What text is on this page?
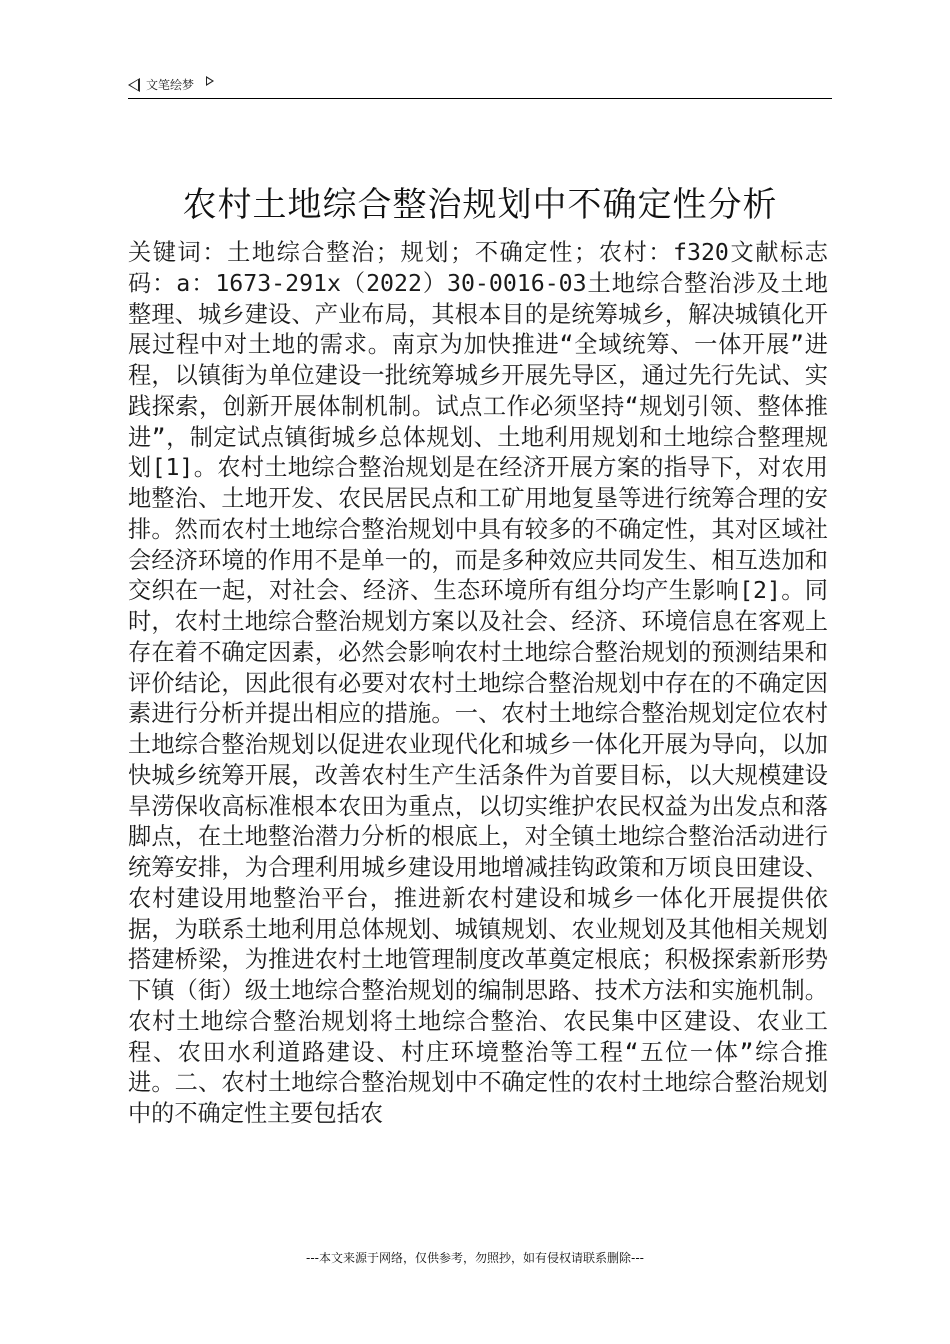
文笔绘梦
农村土地综合整治规划中不确定性分析

关键词：土地综合整治；规划；不确定性；农村：f320文献标志码：a：1673-291x（2022）30-0016-03土地综合整治涉及土地整理、城乡建设、产业布局，其根本目的是统筹城乡，解决城镇化开展过程中对土地的需求。南京为加快推进“全域统筹、一体开展”进程，以镇街为单位建设一批统筹城乡开展先导区，通过先行先试、实践探索，创新开展体制机制。试点工作必须坚持“规划引领、整体推进”，制定试点镇街城乡总体规划、土地利用规划和土地综合整理规划[1]。农村土地综合整治规划是在经济开展方案的指导下，对农用地整治、土地开发、农民居民点和工矿用地复垦等进行统筹合理的安排。然而农村土地综合整治规划中具有较多的不确定性，其对区域社会经济环境的作用不是单一的，而是多种效应共同发生、相互迭加和交织在一起，对社会、经济、生态环境所有组分均产生影响[2]。同时，农村土地综合整治规划方案以及社会、经济、环境信息在客观上存在着不确定因素，必然会影响农村土地综合整治规划的预测结果和评价结论，因此很有必要对农村土地综合整治规划中存在的不确定因素进行分析并提出相应的措施。一、农村土地综合整治规划定位农村土地综合整治规划以促进农业现代化和城乡一体化开展为导向，以加快城乡统筹开展，改善农村生产生活条件为首要目标，以大规模建设旱涝保收高标准根本农田为重点，以切实维护农民权益为出发点和落脚点，在土地整治潜力分析的根底上，对全镇土地综合整治活动进行统筹安排，为合理利用城乡建设用地增减挂钩政策和万顷良田建设、农村建设用地整治平台，推进新农村建设和城乡一体化开展提供依据，为联系土地利用总体规划、城镇规划、农业规划及其他相关规划搭建桥梁，为推进农村土地管理制度改革奠定根底；积极探索新形势下镇（街）级土地综合整治规划的编制思路、技术方法和实施机制。农村土地综合整治规划将土地综合整治、农民集中区建设、农业工程、农田水利道路建设、村庄环境整治等工程“五位一体”综合推进。二、农村土地综合整治规划中不确定性的农村土地综合整治规划中的不确定性主要包括农

---本文来源于网络，仅供参考，勿照抄，如有侵权请联系删除---
